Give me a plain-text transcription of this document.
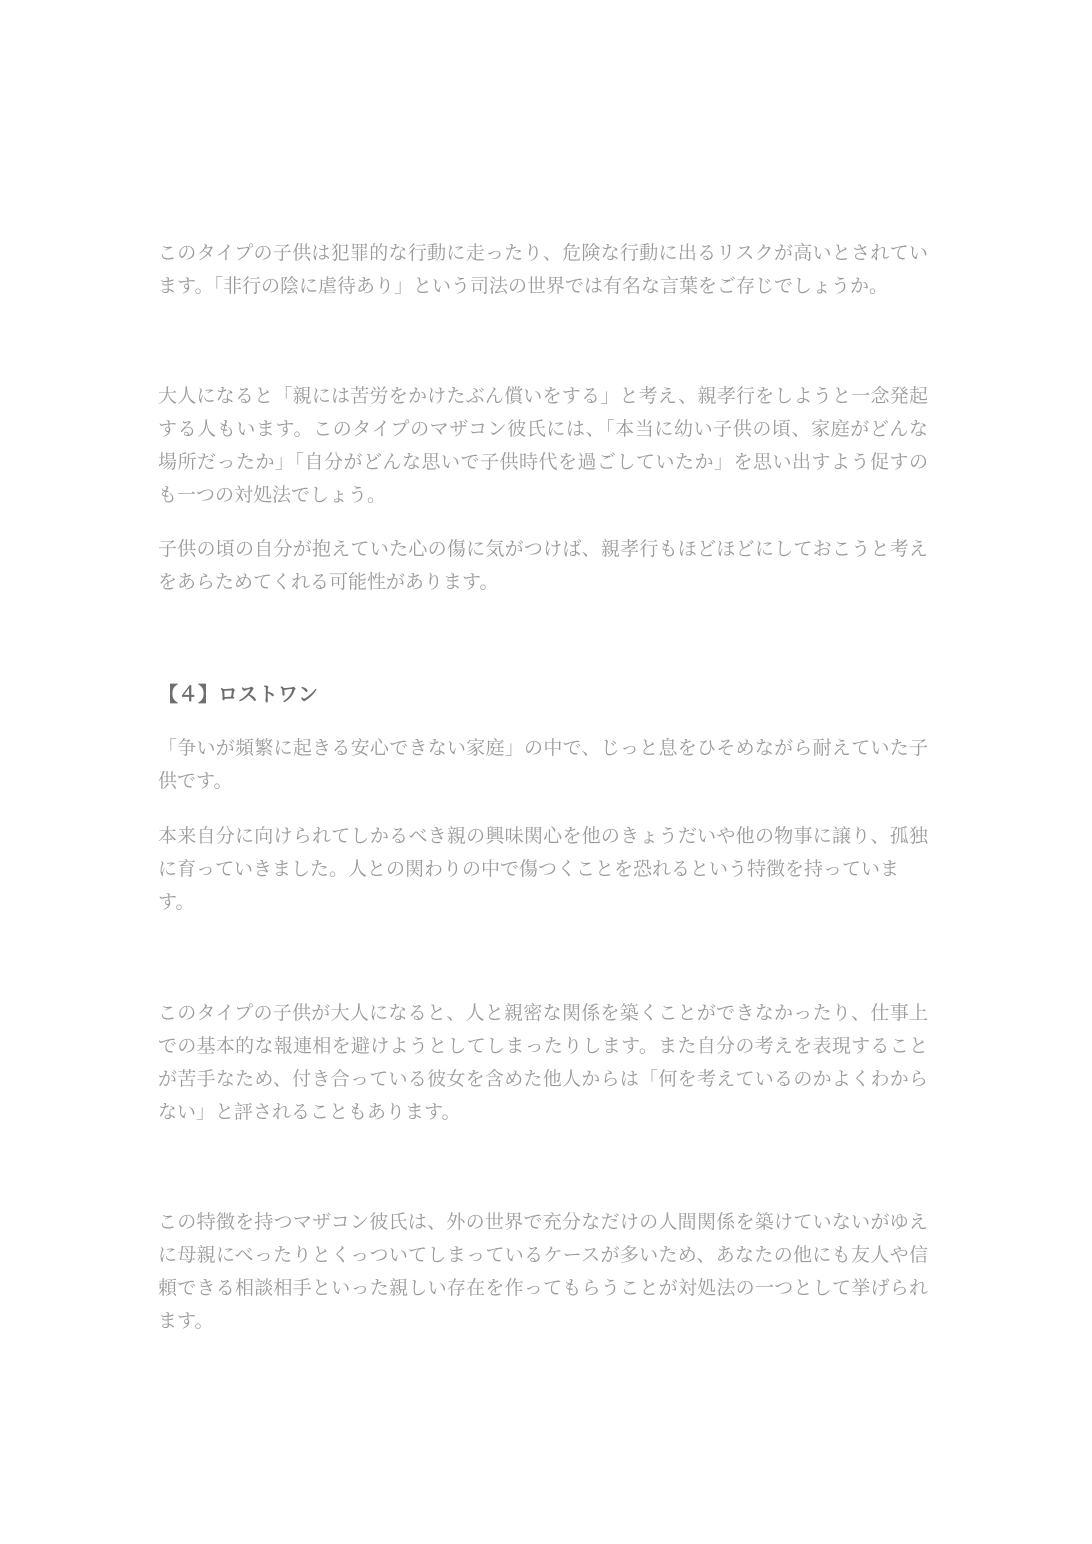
このタイプの子供は犯罪的な行動に走ったり、危険な行動に出るリスクが高いとされてい
ます。「非行の陰に虐待あり」という司法の世界では有名な言葉をご存じでしょうか。
大人になると「親には苦労をかけたぶん償いをする」と考え、親孝行をしようと一念発起
する人もいます。このタイプのマザコン彼氏には、「本当に幼い子供の頃、家庭がどんな
場所だったか」「自分がどんな思いで子供時代を過ごしていたか」を思い出すよう促すの
も一つの対処法でしょう。
子供の頃の自分が抱えていた心の傷に気がつけば、親孝行もほどほどにしておこうと考え
をあらためてくれる可能性があります。
【４】ロストワン
「争いが頻繁に起きる安心できない家庭」の中で、じっと息をひそめながら耐えていた子
供です。
本来自分に向けられてしかるべき親の興味関心を他のきょうだいや他の物事に譲り、孤独
に育っていきました。人との関わりの中で傷つくことを恐れるという特徴を持っていま
す。
このタイプの子供が大人になると、人と親密な関係を築くことができなかったり、仕事上
での基本的な報連相を避けようとしてしまったりします。また自分の考えを表現すること
が苦手なため、付き合っている彼女を含めた他人からは「何を考えているのかよくわから
ない」と評されることもあります。
この特徴を持つマザコン彼氏は、外の世界で充分なだけの人間関係を築けていないがゆえ
に母親にべったりとくっついてしまっているケースが多いため、あなたの他にも友人や信
頼できる相談相手といった親しい存在を作ってもらうことが対処法の一つとして挙げられ
ます。
